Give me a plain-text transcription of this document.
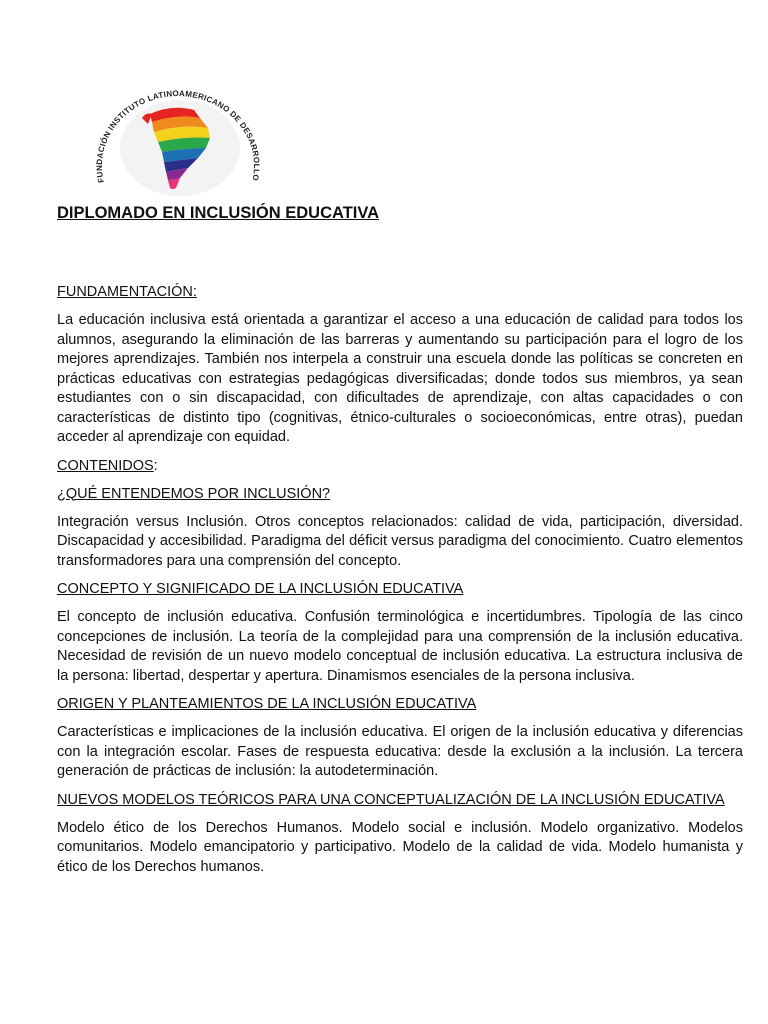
FUNDACIÓN INSTITUTO LATINOAMERICANO DE DESARROLLO
DIPLOMADO EN INCLUSIÓN EDUCATIVA
FUNDAMENTACIÓN:

La educación inclusiva está orientada a garantizar el acceso a una educación de calidad para todos los alumnos, asegurando la eliminación de las barreras y aumentando su participación para el logro de los mejores aprendizajes. También nos interpela a construir una escuela donde las políticas se concreten en prácticas educativas con estrategias pedagógicas diversificadas; donde todos sus miembros, ya sean estudiantes con o sin discapacidad, con dificultades de aprendizaje, con altas capacidades o con características de distinto tipo (cognitivas, étnico-culturales o socioeconómicas, entre otras), puedan acceder al aprendizaje con equidad.

CONTENIDOS:
¿QUÉ ENTENDEMOS POR INCLUSIÓN?

Integración versus Inclusión. Otros conceptos relacionados: calidad de vida, participación, diversidad. Discapacidad y accesibilidad. Paradigma del déficit versus paradigma del conocimiento. Cuatro elementos transformadores para una comprensión del concepto.

CONCEPTO Y SIGNIFICADO DE LA INCLUSIÓN EDUCATIVA

El concepto de inclusión educativa. Confusión terminológica e incertidumbres. Tipología de las cinco concepciones de inclusión. La teoría de la complejidad para una comprensión de la inclusión educativa. Necesidad de revisión de un nuevo modelo conceptual de inclusión educativa. La estructura inclusiva de la persona: libertad, despertar y apertura. Dinamismos esenciales de la persona inclusiva.

ORIGEN Y PLANTEAMIENTOS DE LA INCLUSIÓN EDUCATIVA

Características e implicaciones de la inclusión educativa. El origen de la inclusión educativa y diferencias con la integración escolar. Fases de respuesta educativa: desde la exclusión a la inclusión. La tercera generación de prácticas de inclusión: la autodeterminación.

NUEVOS MODELOS TEÓRICOS PARA UNA CONCEPTUALIZACIÓN DE LA INCLUSIÓN EDUCATIVA

Modelo ético de los Derechos Humanos. Modelo social e inclusión. Modelo organizativo. Modelos comunitarios. Modelo emancipatorio y participativo. Modelo de la calidad de vida. Modelo humanista y ético de los Derechos humanos.
